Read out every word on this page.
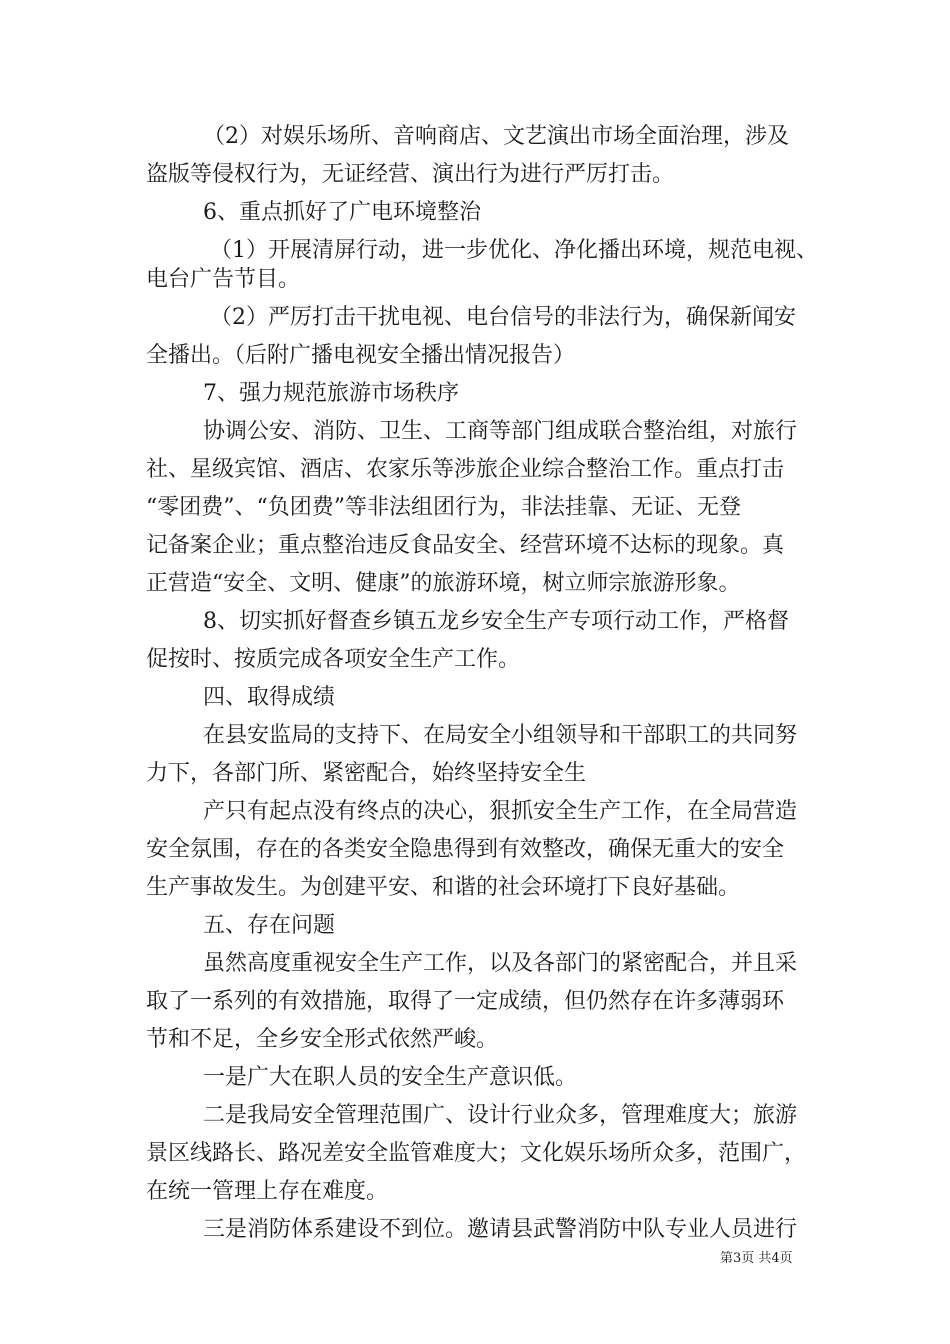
（2）对娱乐场所、音响商店、文艺演出市场全面治理，涉及
盗版等侵权行为，无证经营、演出行为进行严厉打击。
6、重点抓好了广电环境整治
（1）开展清屏行动，进一步优化、净化播出环境，规范电视、
电台广告节目。
（2）严厉打击干扰电视、电台信号的非法行为，确保新闻安
全播出。（后附广播电视安全播出情况报告）
7、强力规范旅游市场秩序
协调公安、消防、卫生、工商等部门组成联合整治组，对旅行
社、星级宾馆、酒店、农家乐等涉旅企业综合整治工作。重点打击
“零团费”、“负团费”等非法组团行为，非法挂靠、无证、无登
记备案企业；重点整治违反食品安全、经营环境不达标的现象。真
正营造“安全、文明、健康”的旅游环境，树立师宗旅游形象。
8、切实抓好督查乡镇五龙乡安全生产专项行动工作，严格督
促按时、按质完成各项安全生产工作。
四、取得成绩
在县安监局的支持下、在局安全小组领导和干部职工的共同努
力下，各部门所、紧密配合，始终坚持安全生
产只有起点没有终点的决心，狠抓安全生产工作，在全局营造
安全氛围，存在的各类安全隐患得到有效整改，确保无重大的安全
生产事故发生。为创建平安、和谐的社会环境打下良好基础。
五、存在问题
虽然高度重视安全生产工作，以及各部门的紧密配合，并且采
取了一系列的有效措施，取得了一定成绩，但仍然存在许多薄弱环
节和不足，全乡安全形式依然严峻。
一是广大在职人员的安全生产意识低。
二是我局安全管理范围广、设计行业众多，管理难度大；旅游
景区线路长、路况差安全监管难度大；文化娱乐场所众多，范围广，
在统一管理上存在难度。
三是消防体系建设不到位。邀请县武警消防中队专业人员进行
第3页 共4页
